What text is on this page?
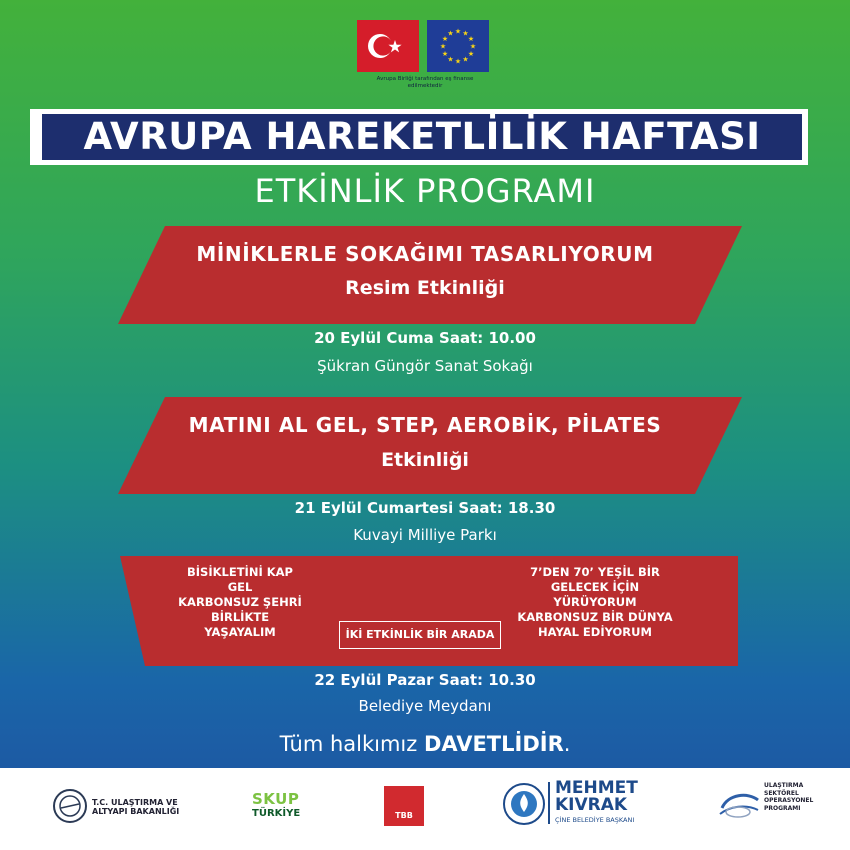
★ ★
★
★
★
★
★
★
★
★
★
★
Avrupa Birliği tarafından eş finanse edilmektedir
AVRUPA HAREKETLİLİK HAFTASI
ETKİNLİK PROGRAMI
MİNİKLERLE SOKAĞIMI TASARLIYORUM
Resim Etkinliği
20 Eylül Cuma Saat: 10.00
Şükran Güngör Sanat Sokağı
MATINI AL GEL, STEP, AEROBİK, PİLATES
Etkinliği
21 Eylül Cumartesi Saat: 18.30
Kuvayi Milliye Parkı
BİSİKLETİNİ KAP
GEL
KARBONSUZ ŞEHRİ
BİRLİKTE
YAŞAYALIM	İKİ ETKİNLİK BİR ARADA
7’DEN 70’ YEŞİL BİR
GELECEK İÇİN
YÜRÜYORUM
KARBONSUZ BİR DÜNYA
HAYAL EDİYORUM
22 Eylül Pazar Saat: 10.30
Belediye Meydanı
Tüm halkımız DAVETLİDİR.
T.C. ULAŞTIRMA VE
ALTYAPI BAKANLIĞI
SKUP
TÜRKİYE	TBB
MEHMET
KIVRAK
ÇİNE BELEDİYE BAŞKANI
ULAŞTIRMA
SEKTÖREL
OPERASYONEL
PROGRAMI
